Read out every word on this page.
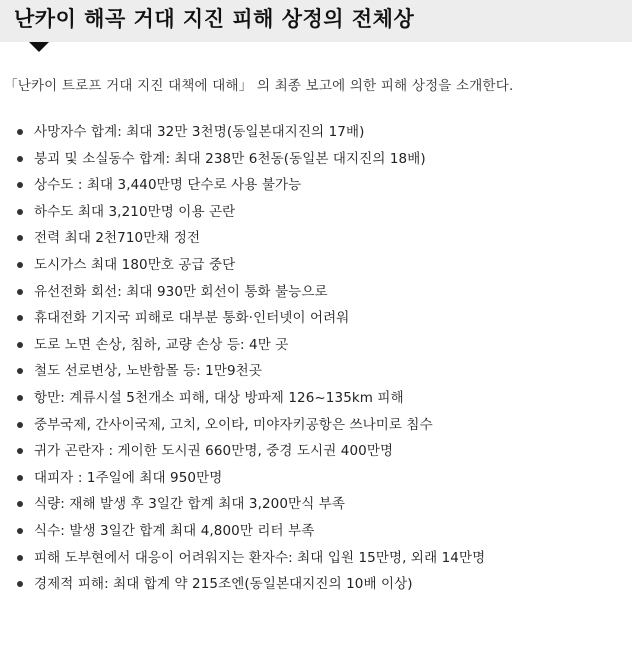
난카이 해곡 거대 지진 피해 상정의 전체상

「난카이 트로프 거대 지진 대책에 대해」 의 최종 보고에 의한 피해 상정을 소개한다.

사망자수 합계: 최대 32만 3천명(동일본대지진의 17배)
붕괴 및 소실동수 합계: 최대 238만 6천동(동일본 대지진의 18배)
상수도 : 최대 3,440만명 단수로 사용 불가능
하수도 최대 3,210만명 이용 곤란
전력 최대 2천710만채 정전
도시가스 최대 180만호 공급 중단
유선전화 회선: 최대 930만 회선이 통화 불능으로
휴대전화 기지국 피해로 대부분 통화·인터넷이 어려워
도로 노면 손상, 침하, 교량 손상 등: 4만 곳
철도 선로변상, 노반함몰 등: 1만9천곳
항만: 계류시설 5천개소 피해, 대상 방파제 126~135km 피해
중부국제, 간사이국제, 고치, 오이타, 미야자키공항은 쓰나미로 침수
귀가 곤란자 : 게이한 도시권 660만명, 중경 도시권 400만명
대피자 : 1주일에 최대 950만명
식량: 재해 발생 후 3일간 합계 최대 3,200만식 부족
식수: 발생 3일간 합계 최대 4,800만 리터 부족
피해 도부현에서 대응이 어려워지는 환자수: 최대 입원 15만명, 외래 14만명
경제적 피해: 최대 합계 약 215조엔(동일본대지진의 10배 이상)
